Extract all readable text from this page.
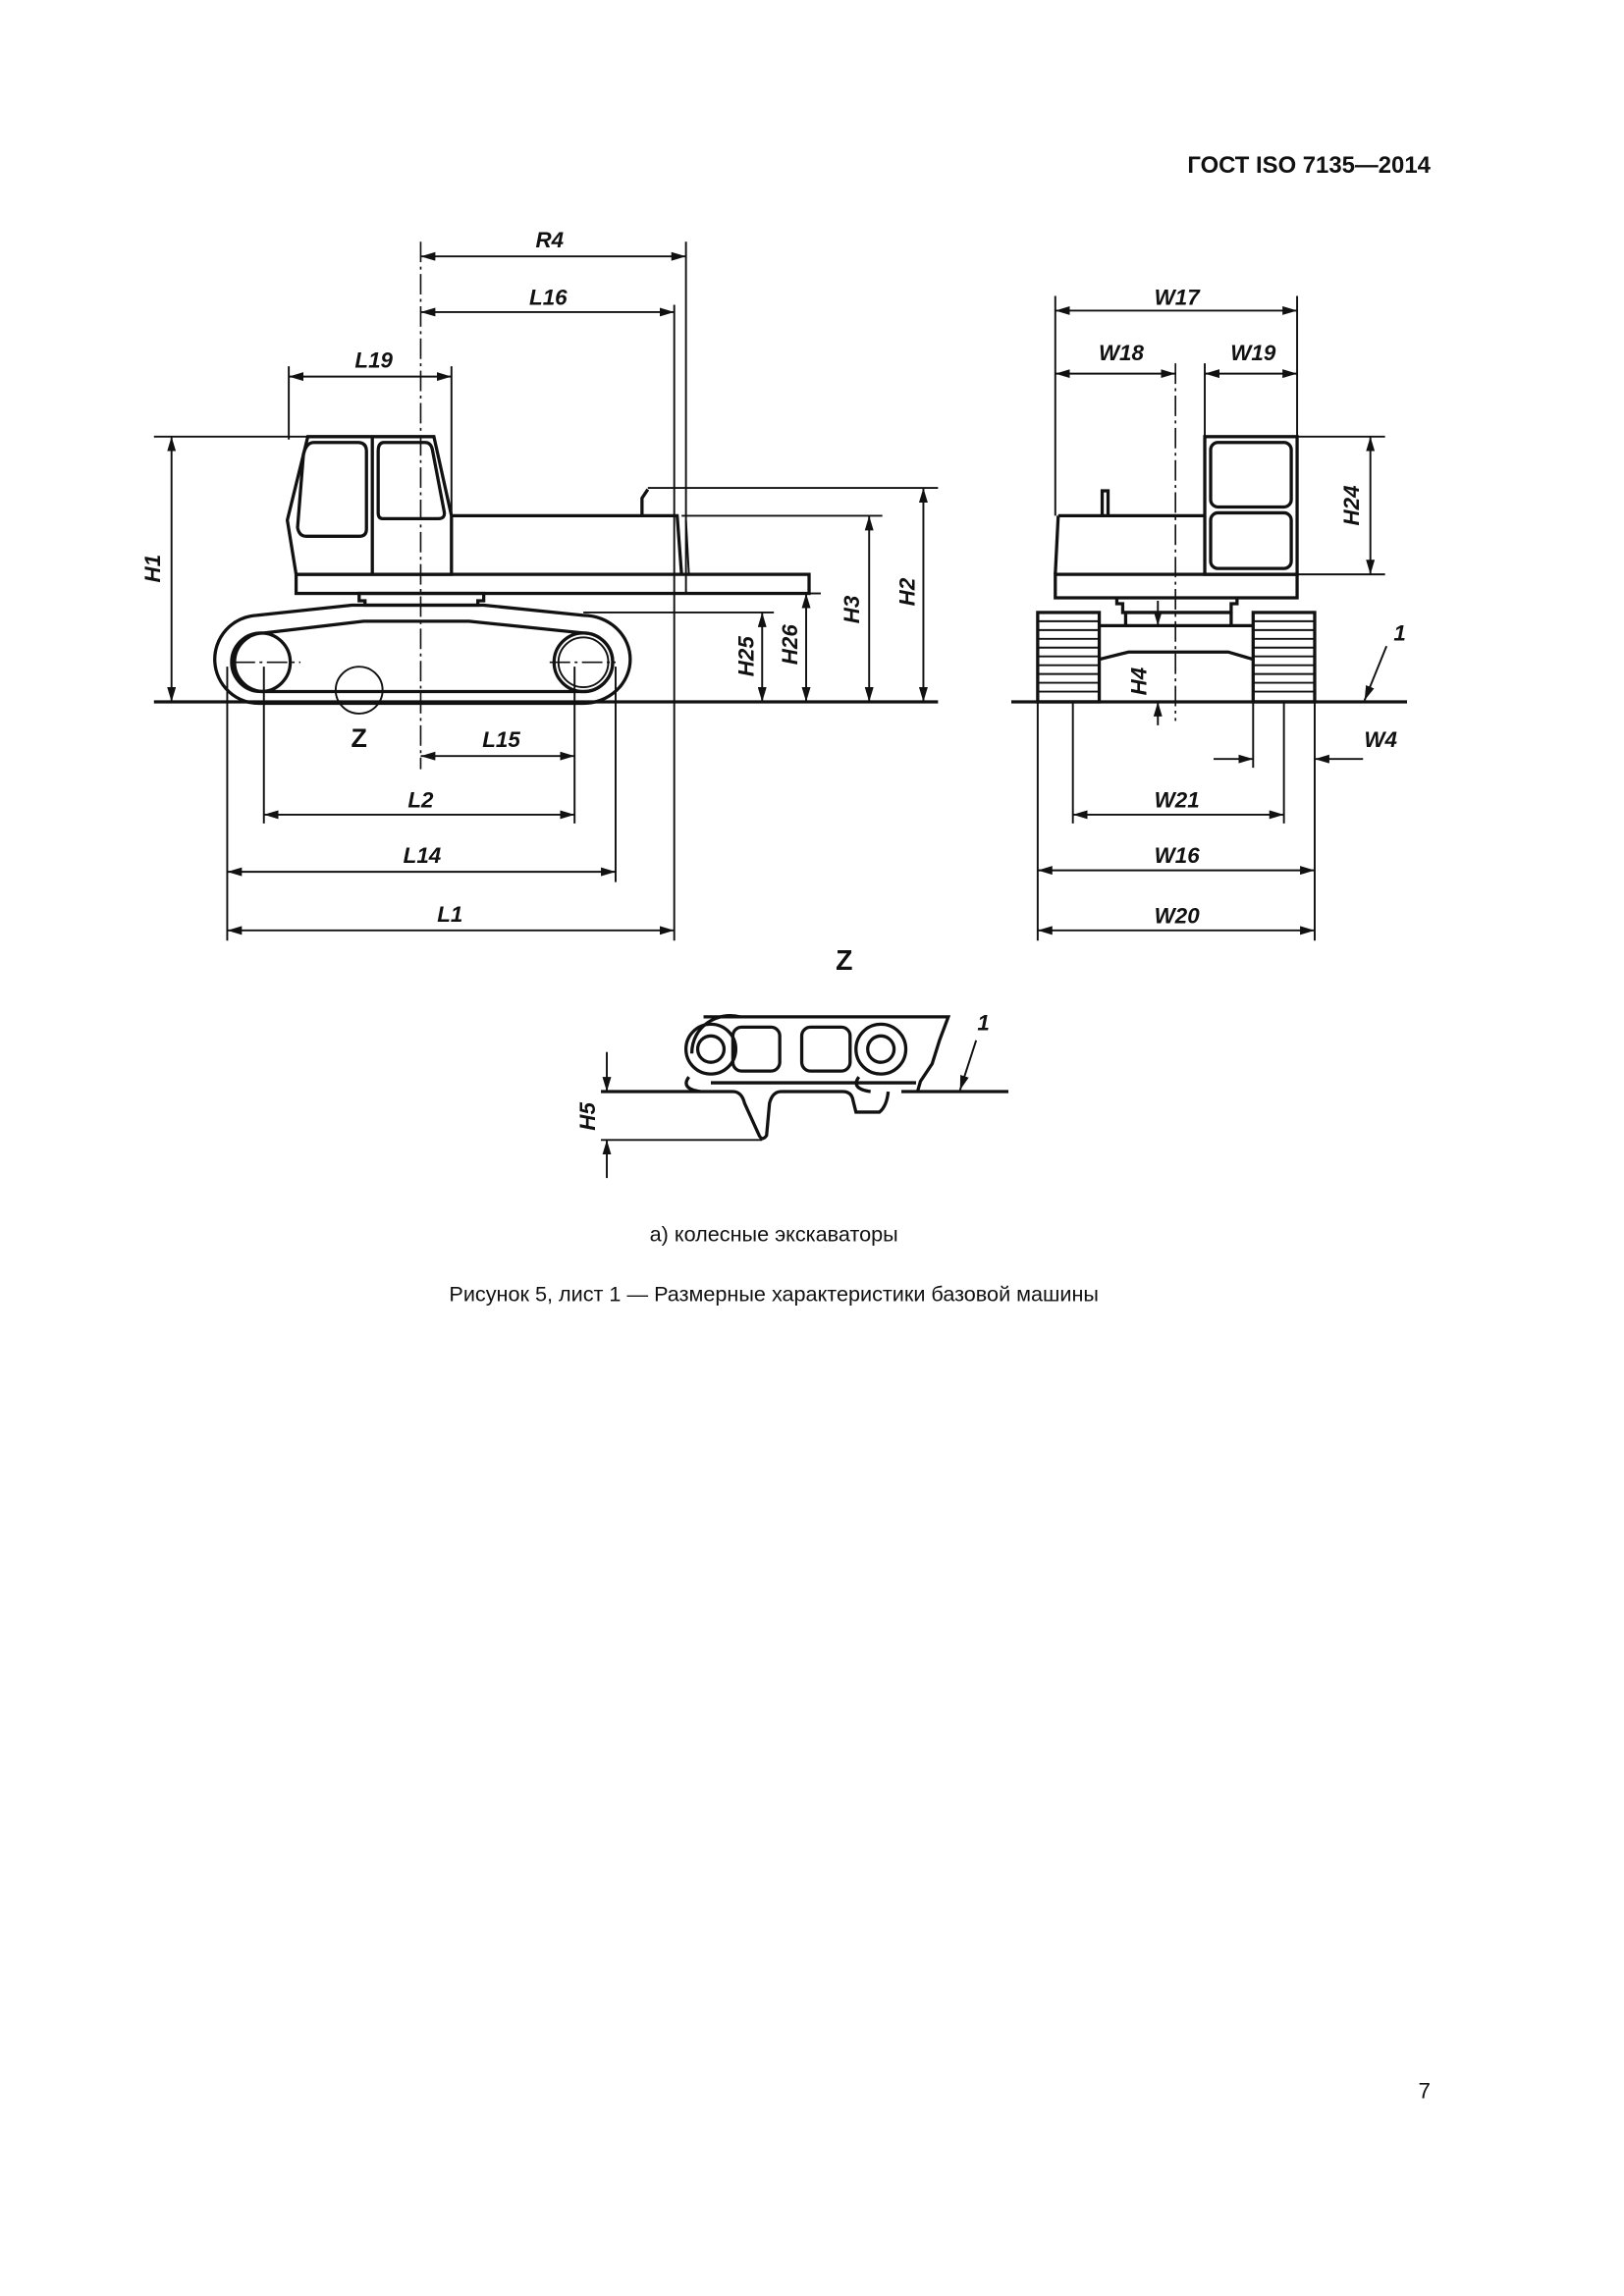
ГОСТ ISO 7135—2014
R4
L16
L19
H1
H2
H3
H26
H25
Z	L15
L2
L14
L1
H24
H4
W17
W18	W19
1
W4
W21
W16
W20
Z
H5
1
а) колесные экскаваторы
Рисунок 5, лист 1 — Размерные характеристики базовой машины
7
